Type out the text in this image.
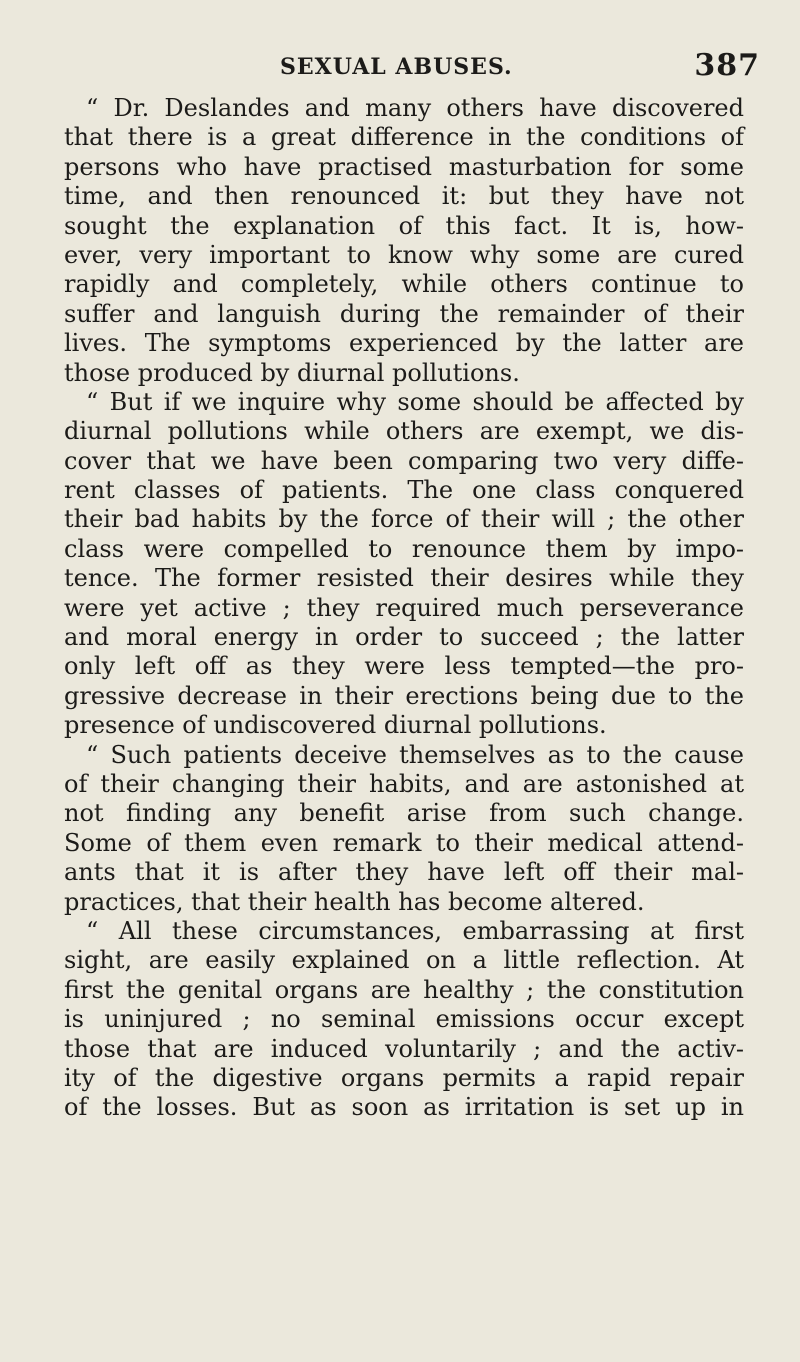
SEXUAL ABUSES.	387
“ Dr. Deslandes and many others have discovered
that there is a great difference in the conditions of
persons who have practised masturbation for some
time, and then renounced it: but they have not
sought the explanation of this fact. It is, how-
ever, very important to know why some are cured
rapidly and completely, while others continue to
suffer and languish during the remainder of their
lives. The symptoms experienced by the latter are
those produced by diurnal pollutions.
“ But if we inquire why some should be affected by
diurnal pollutions while others are exempt, we dis-
cover that we have been comparing two very diffe-
rent classes of patients. The one class conquered
their bad habits by the force of their will ; the other
class were compelled to renounce them by impo-
tence. The former resisted their desires while they
were yet active ; they required much perseverance
and moral energy in order to succeed ; the latter
only left off as they were less tempted—the pro-
gressive decrease in their erections being due to the
presence of undiscovered diurnal pollutions.
“ Such patients deceive themselves as to the cause
of their changing their habits, and are astonished at
not finding any benefit arise from such change.
Some of them even remark to their medical attend-
ants that it is after they have left off their mal-
practices, that their health has become altered.
“ All these circumstances, embarrassing at first
sight, are easily explained on a little reflection. At
first the genital organs are healthy ; the constitution
is uninjured ; no seminal emissions occur except
those that are induced voluntarily ; and the activ-
ity of the digestive organs permits a rapid repair
of the losses. But as soon as irritation is set up in
